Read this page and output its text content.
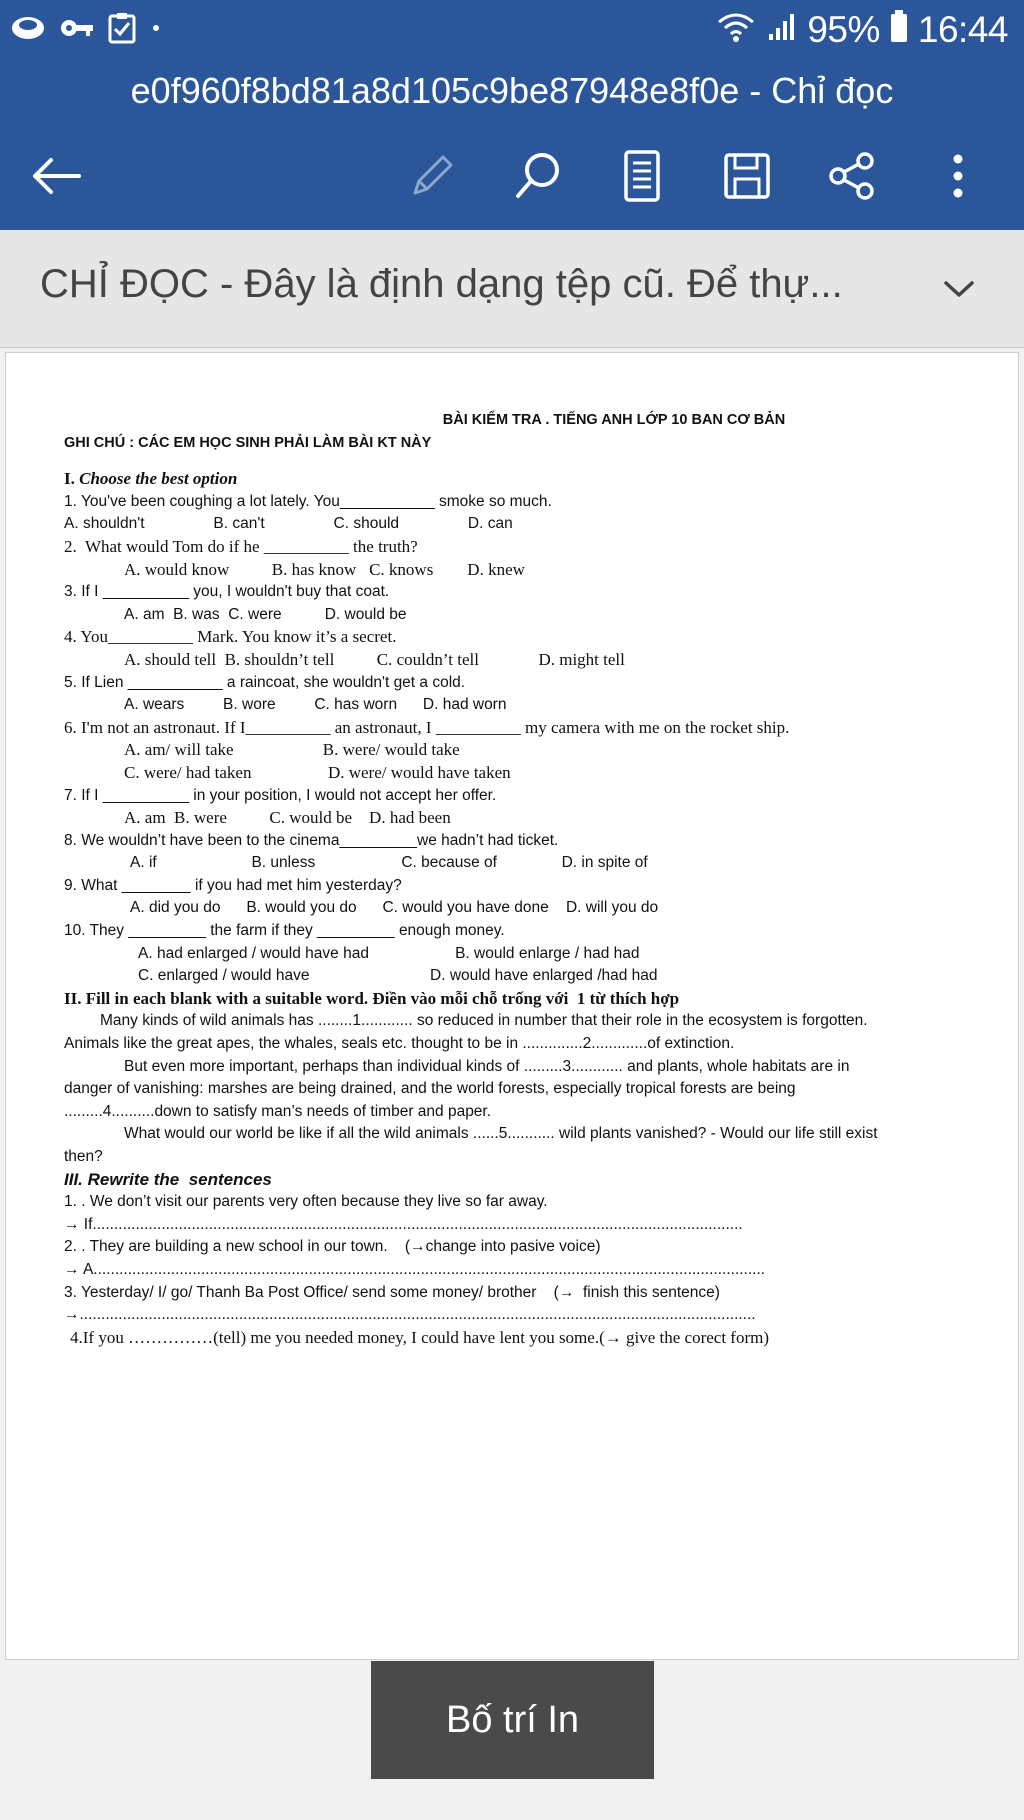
95% 16:44
e0f960f8bd81a8d105c9be87948e8f0e - Chỉ đọc
CHỈ ĐỌC - Đây là định dạng tệp cũ. Để thự...
BÀI KIỂM TRA . TIẾNG ANH LỚP 10 BAN CƠ BẢN
GHI CHÚ : CÁC EM HỌC SINH PHẢI LÀM BÀI KT NÀY
I. Choose the best option
1. You've been coughing a lot lately. You___________ smoke so much.
A. shouldn't                B. can't                C. should                D. can
2.  What would Tom do if he __________ the truth?
A. would know          B. has know   C. knows        D. knew
3. If I __________ you, I wouldn't buy that coat.
A. am  B. was  C. were          D. would be
4. You__________ Mark. You know it’s a secret.
A. should tell  B. shouldn’t tell          C. couldn’t tell              D. might tell
5. If Lien ___________ a raincoat, she wouldn't get a cold.
A. wears         B. wore         C. has worn      D. had worn
6. I'm not an astronaut. If I__________ an astronaut, I __________ my camera with me on the rocket ship.
A. am/ will take                     B. were/ would take
C. were/ had taken                  D. were/ would have taken
7. If I __________ in your position, I would not accept her offer.
A. am  B. were          C. would be    D. had been
8. We wouldn’t have been to the cinema_________we hadn’t had ticket.
A. if                      B. unless                    C. because of               D. in spite of
9. What ________ if you had met him yesterday?
A. did you do      B. would you do      C. would you have done    D. will you do
10. They _________ the farm if they _________ enough money.
A. had enlarged / would have had                    B. would enlarge / had had
C. enlarged / would have                            D. would have enlarged /had had
II. Fill in each blank with a suitable word. Điền vào mỗi chỗ trống với  1 từ thích hợp
Many kinds of wild animals has ........1............ so reduced in number that their role in the ecosystem is forgotten.
Animals like the great apes, the whales, seals etc. thought to be in ..............2.............of extinction.
But even more important, perhaps than individual kinds of .........3............ and plants, whole habitats are in
danger of vanishing: marshes are being drained, and the world forests, especially tropical forests are being
.........4..........down to satisfy man’s needs of timber and paper.
What would our world be like if all the wild animals ......5........... wild plants vanished? - Would our life still exist
then?
III. Rewrite the  sentences
1. . We don’t visit our parents very often because they live so far away.
→ If.......................................................................................................................................................
2. . They are building a new school in our town.    (→change into pasive voice)
→ A............................................................................................................................................................
3. Yesterday/ I/ go/ Thanh Ba Post Office/ send some money/ brother    (→  finish this sentence)
→.............................................................................................................................................................
4.If you ……………(tell) me you needed money, I could have lent you some.(→ give the corect form)
Bố trí In
